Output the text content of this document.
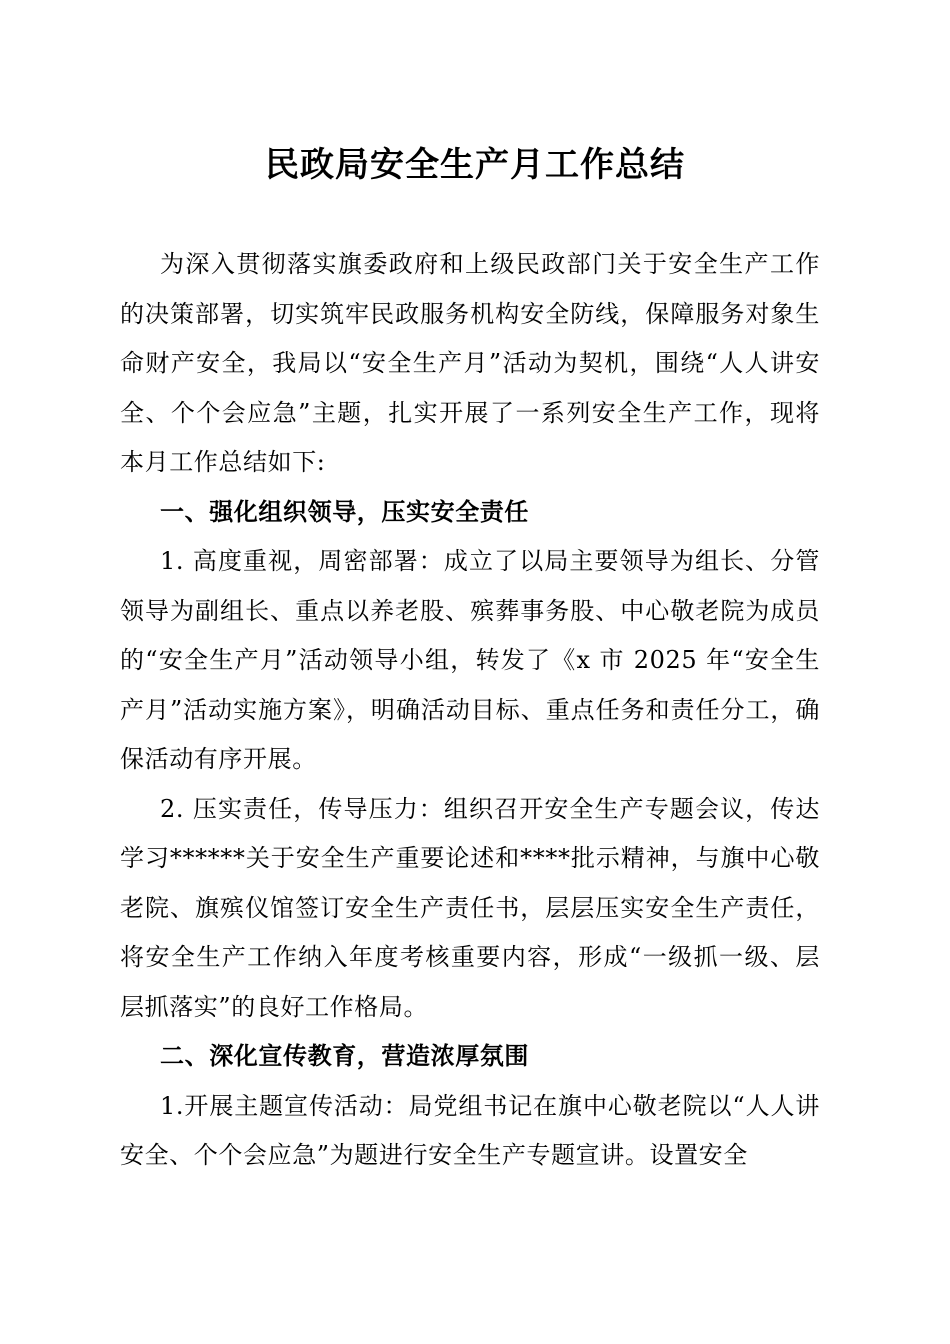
民政局安全生产月工作总结

为深入贯彻落实旗委政府和上级民政部门关于安全生产工作的决策部署，切实筑牢民政服务机构安全防线，保障服务对象生命财产安全，我局以“安全生产月”活动为契机，围绕“人人讲安全、个个会应急”主题，扎实开展了一系列安全生产工作，现将本月工作总结如下:

一、强化组织领导，压实安全责任

1. 高度重视，周密部署：成立了以局主要领导为组长、分管领导为副组长、重点以养老股、殡葬事务股、中心敬老院为成员的“安全生产月”活动领导小组，转发了《x 市 2025 年“安全生产月”活动实施方案》，明确活动目标、重点任务和责任分工，确保活动有序开展。

2. 压实责任，传导压力：组织召开安全生产专题会议，传达学习******关于安全生产重要论述和****批示精神，与旗中心敬老院、旗殡仪馆签订安全生产责任书，层层压实安全生产责任，将安全生产工作纳入年度考核重要内容，形成“一级抓一级、层层抓落实”的良好工作格局。

二、深化宣传教育，营造浓厚氛围

1.开展主题宣传活动：局党组书记在旗中心敬老院以“人人讲安全、个个会应急”为题进行安全生产专题宣讲。设置安全
